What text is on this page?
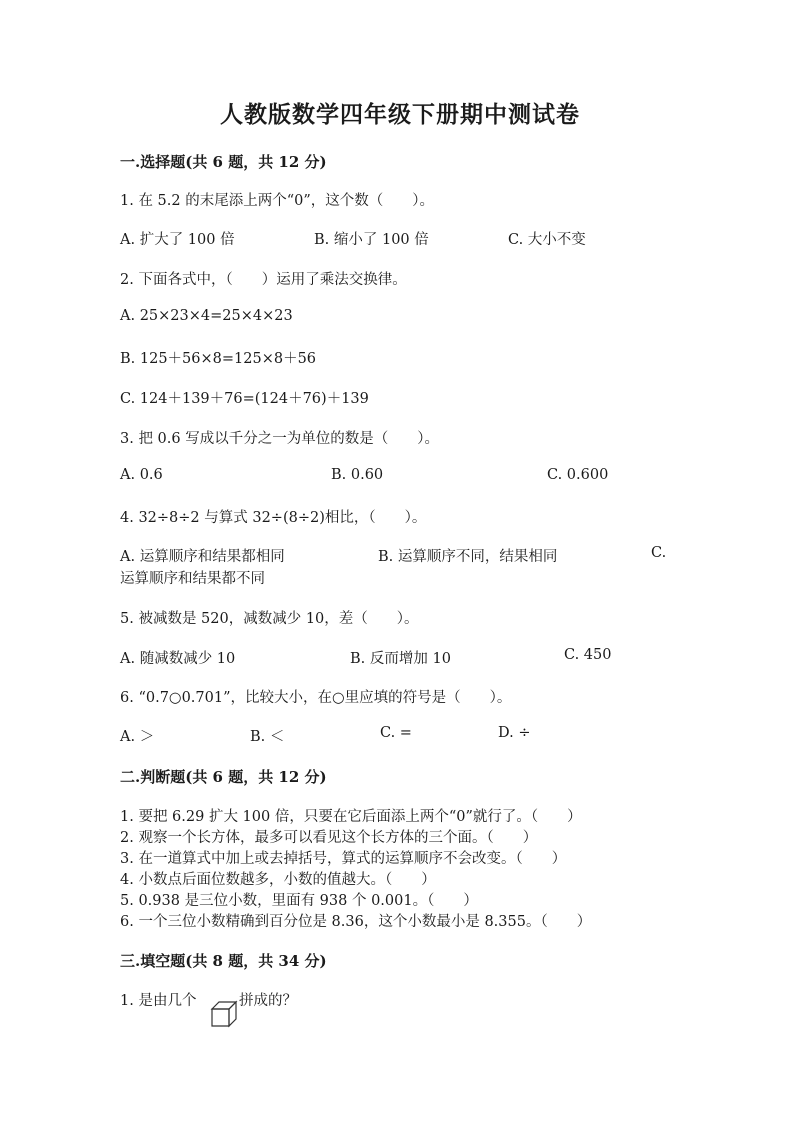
人教版数学四年级下册期中测试卷
一.选择题(共 6 题，共 12 分)
1. 在 5.2 的末尾添上两个“0”，这个数（　　）。
A. 扩大了 100 倍	B. 缩小了 100 倍	C. 大小不变
2. 下面各式中，（　　）运用了乘法交换律。
A. 25×23×4=25×4×23
B. 125＋56×8=125×8＋56
C. 124＋139＋76=(124＋76)＋139
3. 把 0.6 写成以千分之一为单位的数是（　　）。
A. 0.6	B. 0.60	C. 0.600
4. 32÷8÷2 与算式 32÷(8÷2)相比，（　　）。
A. 运算顺序和结果都相同	B. 运算顺序不同，结果相同	C.
运算顺序和结果都不同
5. 被减数是 520，减数减少 10，差（　　）。
A. 随减数减少 10	B. 反而增加 10	C. 450
6. “0.7○0.701”，比较大小，在○里应填的符号是（　　）。
A. ＞	B. ＜	C. =	D. ÷
二.判断题(共 6 题，共 12 分)
1. 要把 6.29 扩大 100 倍，只要在它后面添上两个“0”就行了。（　　）
2. 观察一个长方体，最多可以看见这个长方体的三个面。（　　）
3. 在一道算式中加上或去掉括号，算式的运算顺序不会改变。（　　）
4. 小数点后面位数越多，小数的值越大。（　　）
5. 0.938 是三位小数，里面有 938 个 0.001。（　　）
6. 一个三位小数精确到百分位是 8.36，这个小数最小是 8.355。（　　）
三.填空题(共 8 题，共 34 分)
1. 是由几个	拼成的？
